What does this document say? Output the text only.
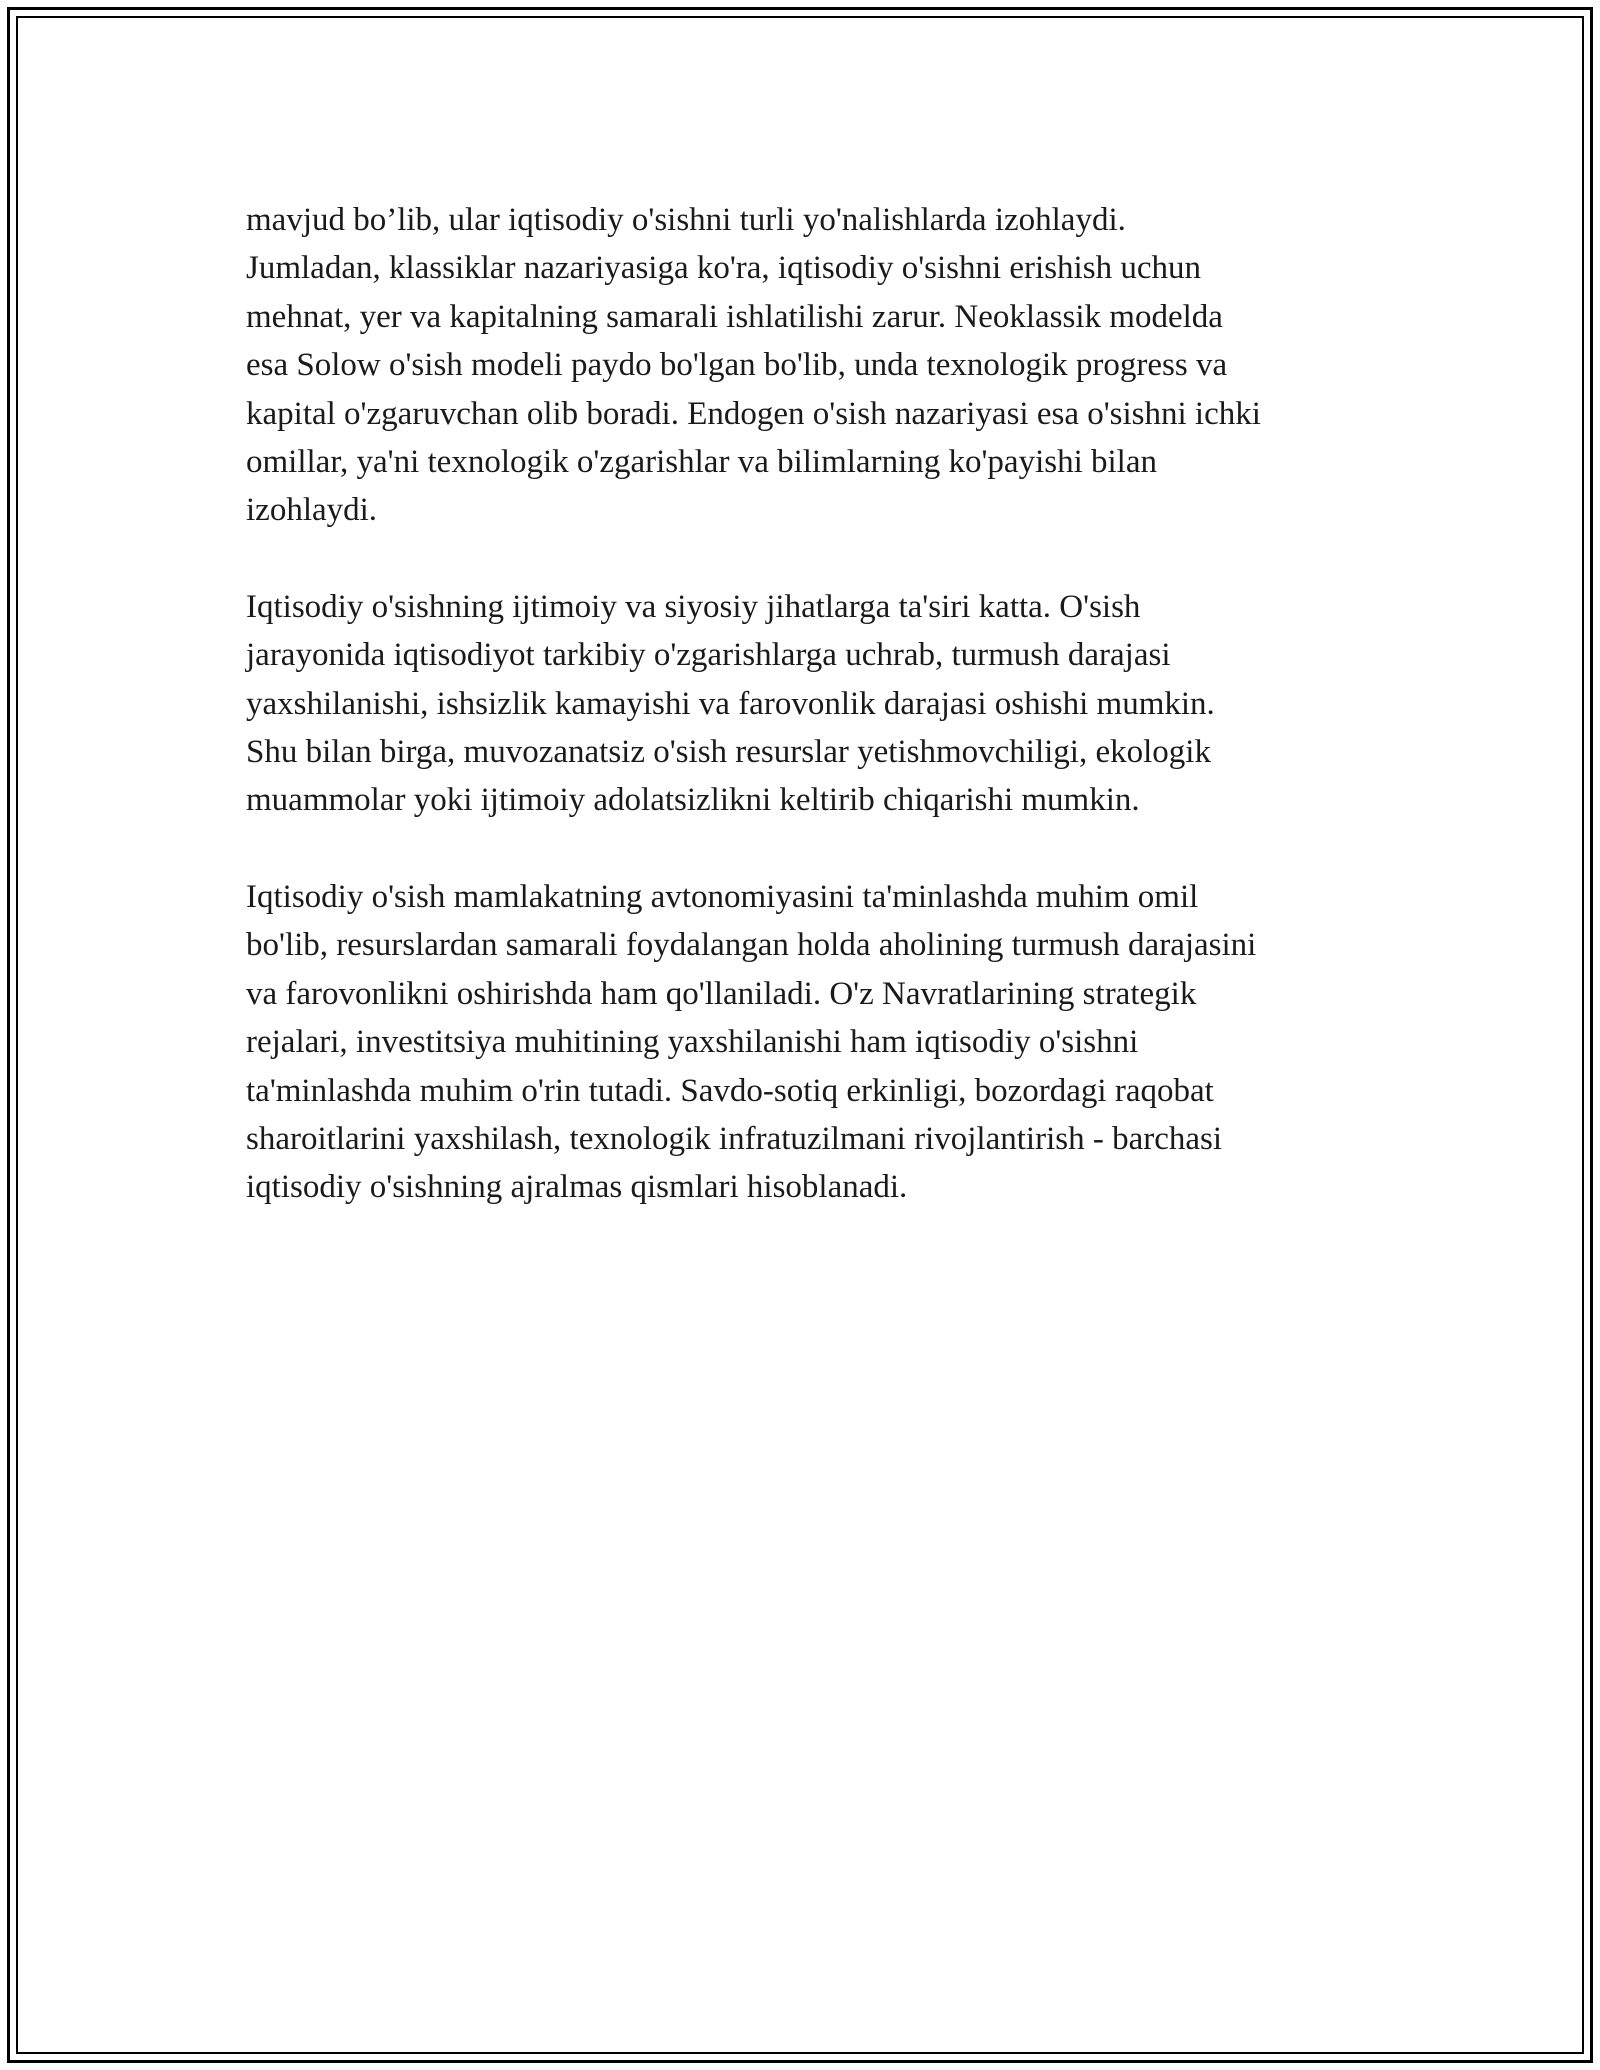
mavjud bo’lib, ular iqtisodiy o'sishni turli yo'nalishlarda izohlaydi.
Jumladan, klassiklar nazariyasiga ko'ra, iqtisodiy o'sishni erishish uchun
mehnat, yer va kapitalning samarali ishlatilishi zarur. Neoklassik modelda
esa Solow o'sish modeli paydo bo'lgan bo'lib, unda texnologik progress va
kapital o'zgaruvchan olib boradi. Endogen o'sish nazariyasi esa o'sishni ichki
omillar, ya'ni texnologik o'zgarishlar va bilimlarning ko'payishi bilan
izohlaydi.

Iqtisodiy o'sishning ijtimoiy va siyosiy jihatlarga ta'siri katta. O'sish
jarayonida iqtisodiyot tarkibiy o'zgarishlarga uchrab, turmush darajasi
yaxshilanishi, ishsizlik kamayishi va farovonlik darajasi oshishi mumkin.
Shu bilan birga, muvozanatsiz o'sish resurslar yetishmovchiligi, ekologik
muammolar yoki ijtimoiy adolatsizlikni keltirib chiqarishi mumkin.

Iqtisodiy o'sish mamlakatning avtonomiyasini ta'minlashda muhim omil
bo'lib, resurslardan samarali foydalangan holda aholining turmush darajasini
va farovonlikni oshirishda ham qo'llaniladi. O'z Navratlarining strategik
rejalari, investitsiya muhitining yaxshilanishi ham iqtisodiy o'sishni
ta'minlashda muhim o'rin tutadi. Savdo-sotiq erkinligi, bozordagi raqobat
sharoitlarini yaxshilash, texnologik infratuzilmani rivojlantirish - barchasi
iqtisodiy o'sishning ajralmas qismlari hisoblanadi.
